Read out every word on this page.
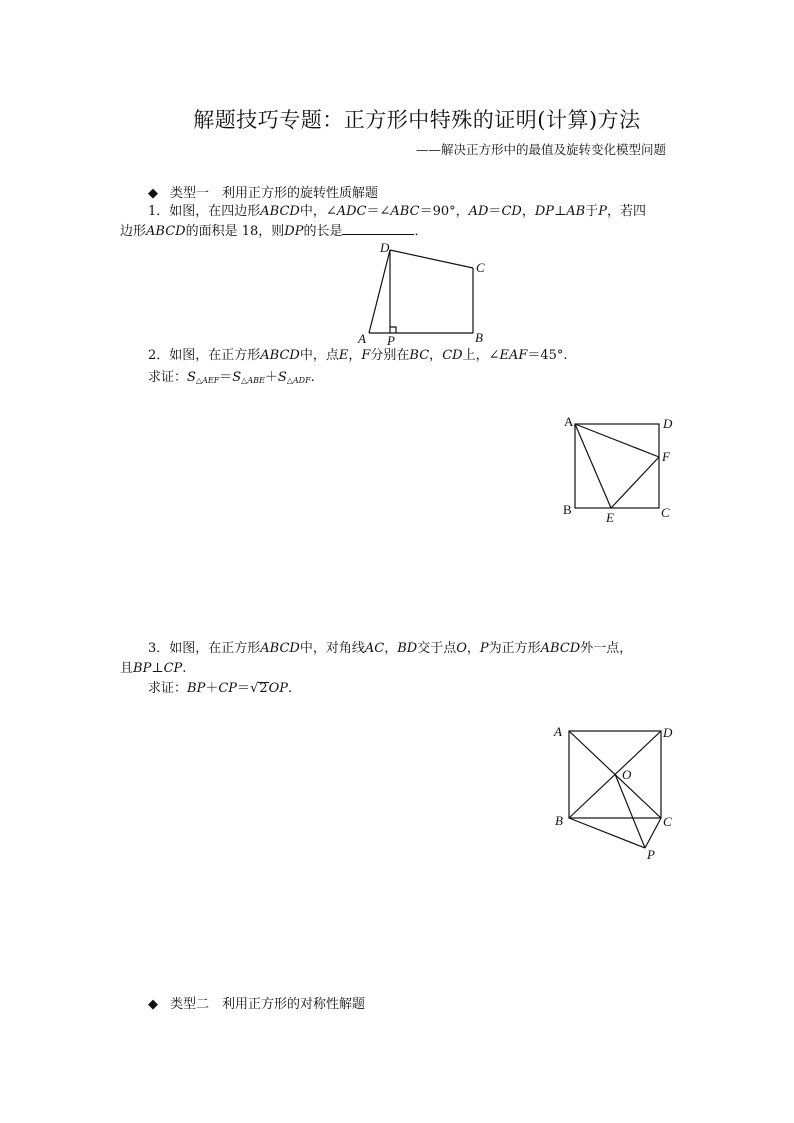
解题技巧专题：正方形中特殊的证明(计算)方法
——解决正方形中的最值及旋转变化模型问题
◆ 类型一　利用正方形的旋转性质解题
1．如图，在四边形ABCD中，∠ADC＝∠ABC＝90°，AD＝CD，DP⊥AB于P，若四
边形ABCD的面积是 18，则DP的长是	．
D
C
A P	B
2．如图，在正方形ABCD中，点E，F分别在BC，CD上，∠EAF＝45°.
求证：$S_{\triangle AEF}=S_{\triangle ABE}+S_{\triangle ADF}$.
A	D
F
B
E	C
3．如图，在正方形ABCD中，对角线AC，BD交于点O，P为正方形ABCD外一点，
且BP⊥CP.
求证：BP＋CP＝√2OP.
A	D
O
B	C
P
◆ 类型二　利用正方形的对称性解题
